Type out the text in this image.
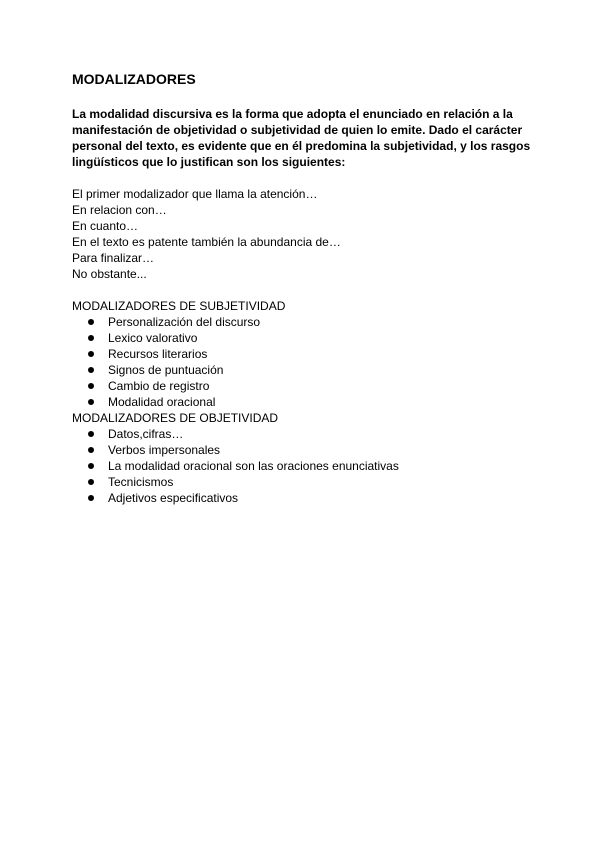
MODALIZADORES

La modalidad discursiva es la forma que adopta el enunciado en relación a la manifestación de objetividad o subjetividad de quien lo emite. Dado el carácter personal del texto, es evidente que en él predomina la subjetividad, y los rasgos lingüísticos que lo justifican son los siguientes:

El primer modalizador que llama la atención…
En relacion con…
En cuanto…
En el texto es patente también la abundancia de…
Para finalizar…
No obstante...

MODALIZADORES DE SUBJETIVIDAD

Personalización del discurso
Lexico valorativo
Recursos literarios
Signos de puntuación
Cambio de registro
Modalidad oracional

MODALIZADORES DE OBJETIVIDAD

Datos,cifras…
Verbos impersonales
La modalidad oracional son las oraciones enunciativas
Tecnicismos
Adjetivos especificativos
